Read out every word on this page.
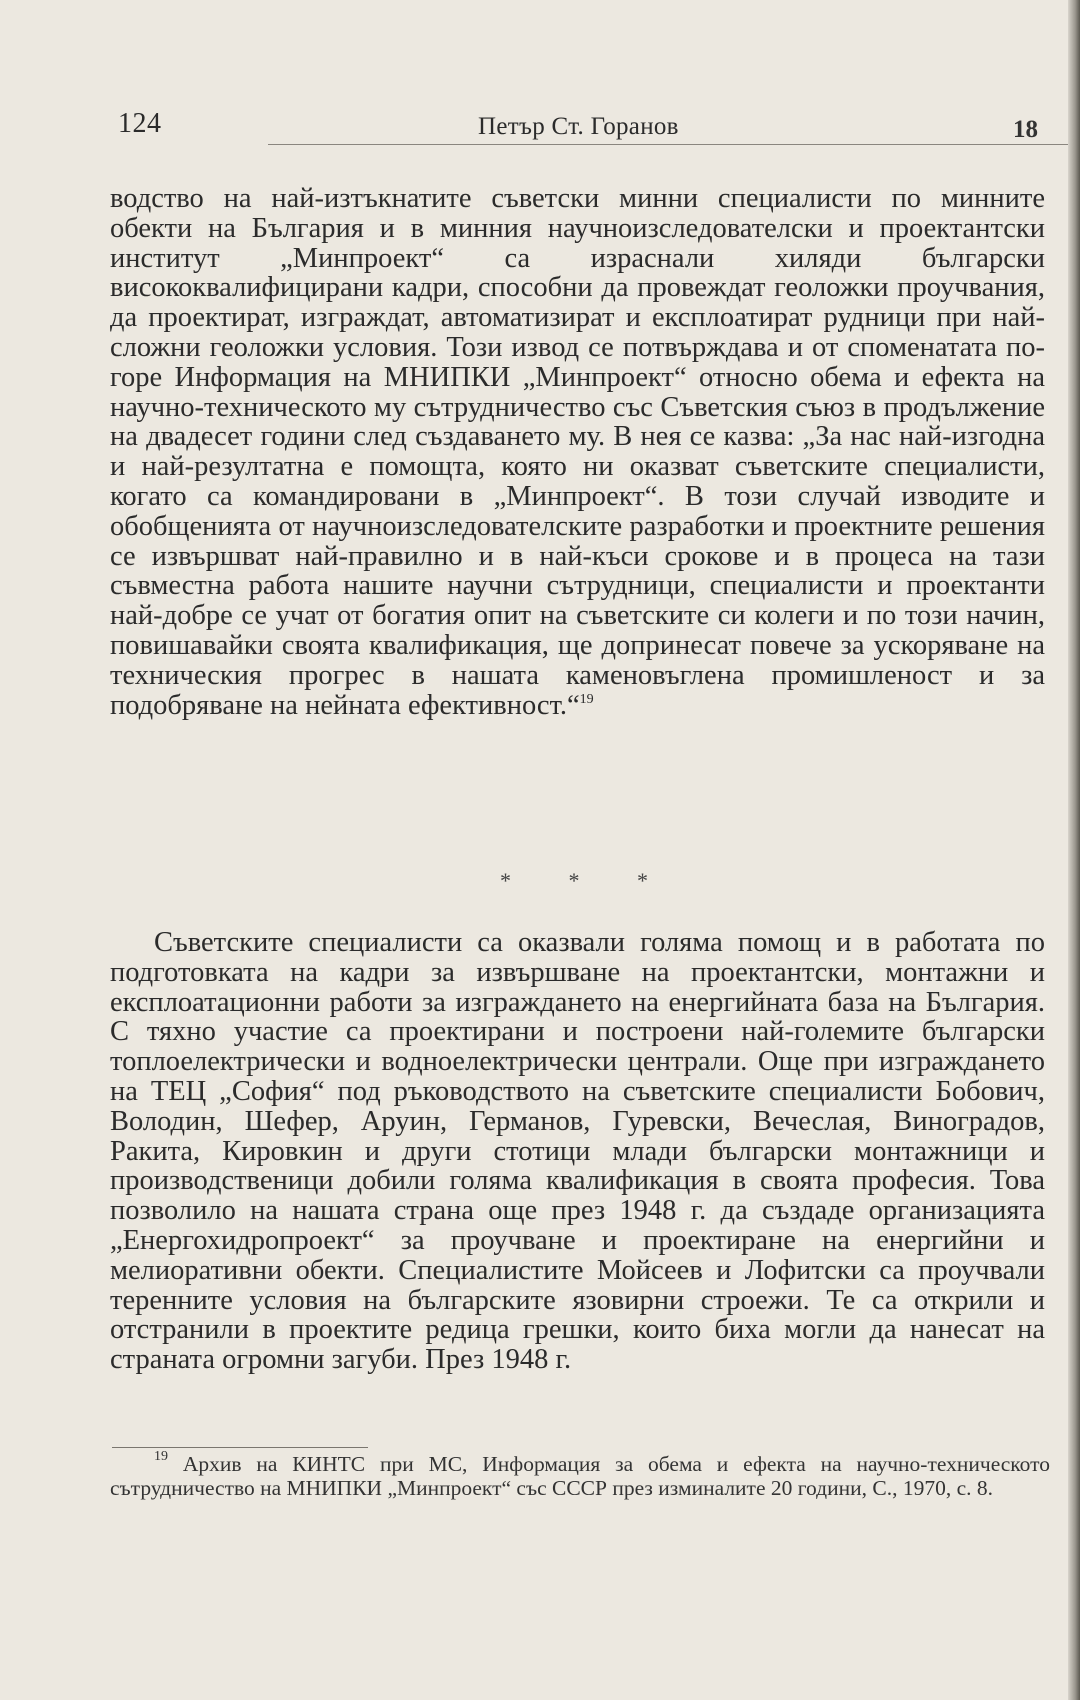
124	Петър Ст. Горанов	18
водство на най-изтъкнатите съветски минни специалисти по минните обекти на България и в минния научноизследователски и проектантски институт „Минпроект“ са израснали хиляди български висококвалифицирани кадри, способни да провеждат геоложки проучвания, да проектират, изграждат, автоматизират и експлоатират рудници при най-сложни геоложки условия. Този извод се потвърждава и от споменатата по-горе Информация на МНИПКИ „Минпроект“ относно обема и ефекта на научно-техническото му сътрудничество със Съветския съюз в продължение на двадесет години след създаването му. В нея се казва: „За нас най-изгодна и най-резултатна е помощта, която ни оказват съветските специалисти, когато са командировани в „Минпроект“. В този случай изводите и обобщенията от научноизследователските разработки и проектните решения се извършват най-правилно и в най-къси срокове и в процеса на тази съвместна работа нашите научни сътрудници, специалисти и проектанти най-добре се учат от богатия опит на съветските си колеги и по този начин, повишавайки своята квалификация, ще допринесат повече за ускоряване на техническия прогрес в нашата каменовъглена промишленост и за подобряване на нейната ефективност.“$^{19}$
* * *
Съветските специалисти са оказвали голяма помощ и в работата по подготовката на кадри за извършване на проектантски, монтажни и експлоатационни работи за изграждането на енергийната база на България. С тяхно участие са проектирани и построени най-големите български топлоелектрически и водноелектрически централи. Още при изграждането на ТЕЦ „София“ под ръководството на съветските специалисти Бобович, Володин, Шефер, Аруин, Германов, Гуревски, Вечеслая, Виноградов, Ракита, Кировкин и други стотици млади български монтажници и производственици добили голяма квалификация в своята професия. Това позволило на нашата страна още през 1948 г. да създаде организацията „Енергохидропроект“ за проучване и проектиране на енергийни и мелиоративни обекти. Специалистите Мойсеев и Лофитски са проучвали теренните условия на българските язовирни строежи. Те са открили и отстранили в проектите редица грешки, които биха могли да нанесат на страната огромни загуби. През 1948 г.
$^{19}$ Архив на КИНТС при МС, Информация за обема и ефекта на научно-техническото сътрудничество на МНИПКИ „Минпроект“ със СССР през изминалите 20 години, С., 1970, с. 8.
